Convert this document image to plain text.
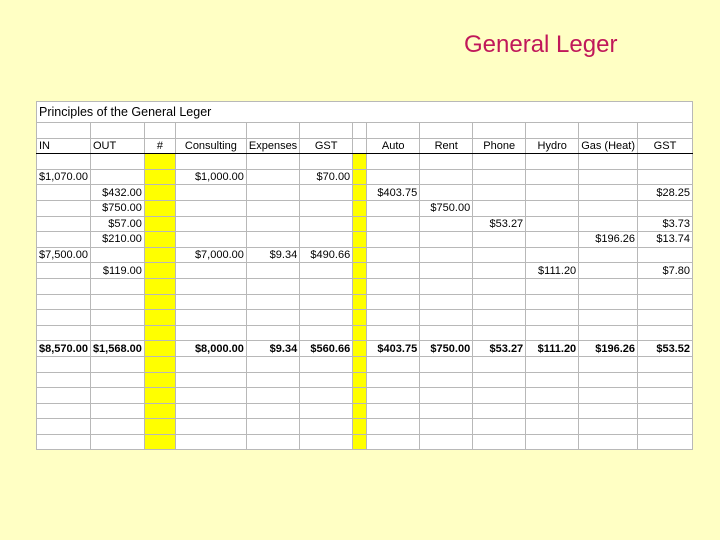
General Leger
Principles of the General Leger												

IN	OUT	#	Consulting	Expenses	GST		Auto	Rent	Phone	Hydro	Gas (Heat)	GST

$1,070.00			$1,000.00		$70.00							
	$432.00						$403.75					$28.25
	$750.00							$750.00				
	$57.00								$53.27			$3.73
	$210.00										$196.26	$13.74
$7,500.00			$7,000.00	$9.34	$490.66							
	$119.00									$111.20		$7.80

$8,570.00	$1,568.00		$8,000.00	$9.34	$560.66		$403.75	$750.00	$53.27	$111.20	$196.26	$53.52
